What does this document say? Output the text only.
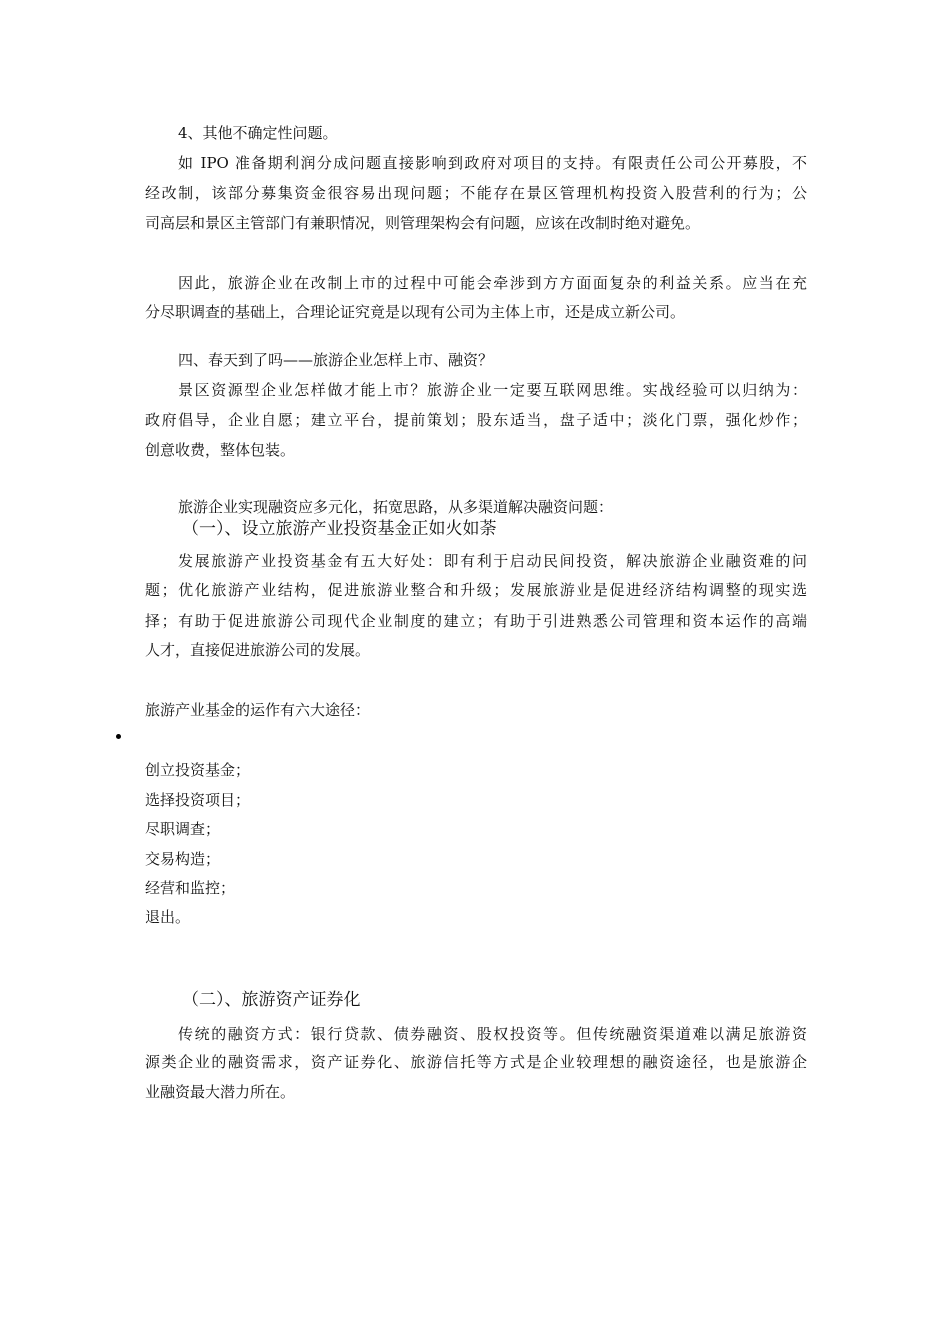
4、其他不确定性问题。
如 IPO 准备期利润分成问题直接影响到政府对项目的支持。有限责任公司公开募股，不
经改制，该部分募集资金很容易出现问题；不能存在景区管理机构投资入股营利的行为；公
司高层和景区主管部门有兼职情况，则管理架构会有问题，应该在改制时绝对避免。
因此，旅游企业在改制上市的过程中可能会牵涉到方方面面复杂的利益关系。应当在充
分尽职调查的基础上，合理论证究竟是以现有公司为主体上市，还是成立新公司。
四、春天到了吗——旅游企业怎样上市、融资？
景区资源型企业怎样做才能上市？旅游企业一定要互联网思维。实战经验可以归纳为：
政府倡导，企业自愿；建立平台，提前策划；股东适当，盘子适中；淡化门票，强化炒作；
创意收费，整体包装。
旅游企业实现融资应多元化，拓宽思路，从多渠道解决融资问题：
（一）、设立旅游产业投资基金正如火如荼
发展旅游产业投资基金有五大好处：即有利于启动民间投资，解决旅游企业融资难的问
题；优化旅游产业结构，促进旅游业整合和升级；发展旅游业是促进经济结构调整的现实选
择；有助于促进旅游公司现代企业制度的建立；有助于引进熟悉公司管理和资本运作的高端
人才，直接促进旅游公司的发展。
旅游产业基金的运作有六大途径：
创立投资基金；
选择投资项目；
尽职调查；
交易构造；
经营和监控；
退出。
（二）、旅游资产证券化
传统的融资方式：银行贷款、债券融资、股权投资等。但传统融资渠道难以满足旅游资
源类企业的融资需求，资产证券化、旅游信托等方式是企业较理想的融资途径，也是旅游企
业融资最大潜力所在。
